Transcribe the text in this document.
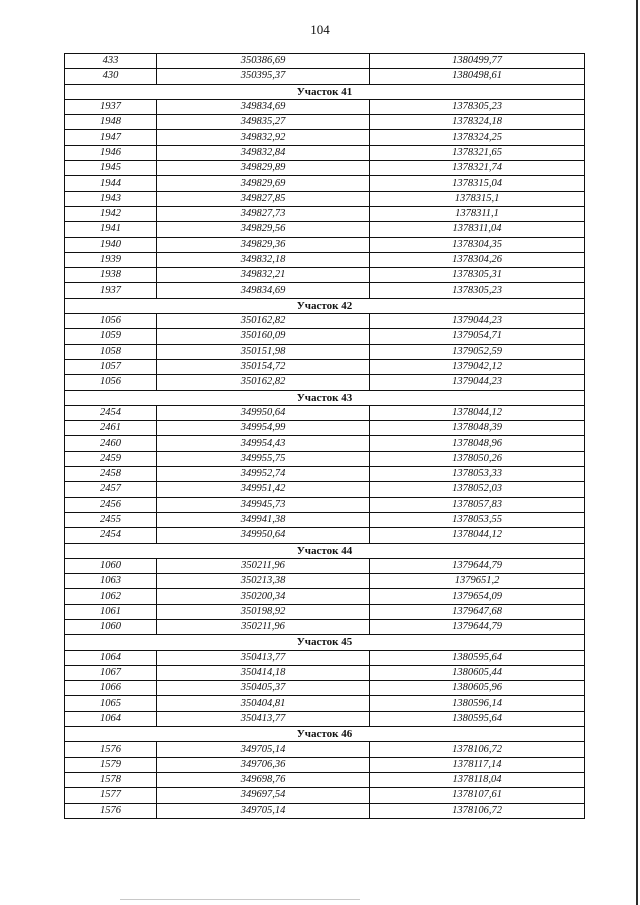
104
433	350386,69	1380499,77
430	350395,37	1380498,61
Участок 41		
1937	349834,69	1378305,23
1948	349835,27	1378324,18
1947	349832,92	1378324,25
1946	349832,84	1378321,65
1945	349829,89	1378321,74
1944	349829,69	1378315,04
1943	349827,85	1378315,1
1942	349827,73	1378311,1
1941	349829,56	1378311,04
1940	349829,36	1378304,35
1939	349832,18	1378304,26
1938	349832,21	1378305,31
1937	349834,69	1378305,23
Участок 42		
1056	350162,82	1379044,23
1059	350160,09	1379054,71
1058	350151,98	1379052,59
1057	350154,72	1379042,12
1056	350162,82	1379044,23
Участок 43		
2454	349950,64	1378044,12
2461	349954,99	1378048,39
2460	349954,43	1378048,96
2459	349955,75	1378050,26
2458	349952,74	1378053,33
2457	349951,42	1378052,03
2456	349945,73	1378057,83
2455	349941,38	1378053,55
2454	349950,64	1378044,12
Участок 44		
1060	350211,96	1379644,79
1063	350213,38	1379651,2
1062	350200,34	1379654,09
1061	350198,92	1379647,68
1060	350211,96	1379644,79
Участок 45		
1064	350413,77	1380595,64
1067	350414,18	1380605,44
1066	350405,37	1380605,96
1065	350404,81	1380596,14
1064	350413,77	1380595,64
Участок 46		
1576	349705,14	1378106,72
1579	349706,36	1378117,14
1578	349698,76	1378118,04
1577	349697,54	1378107,61
1576	349705,14	1378106,72
